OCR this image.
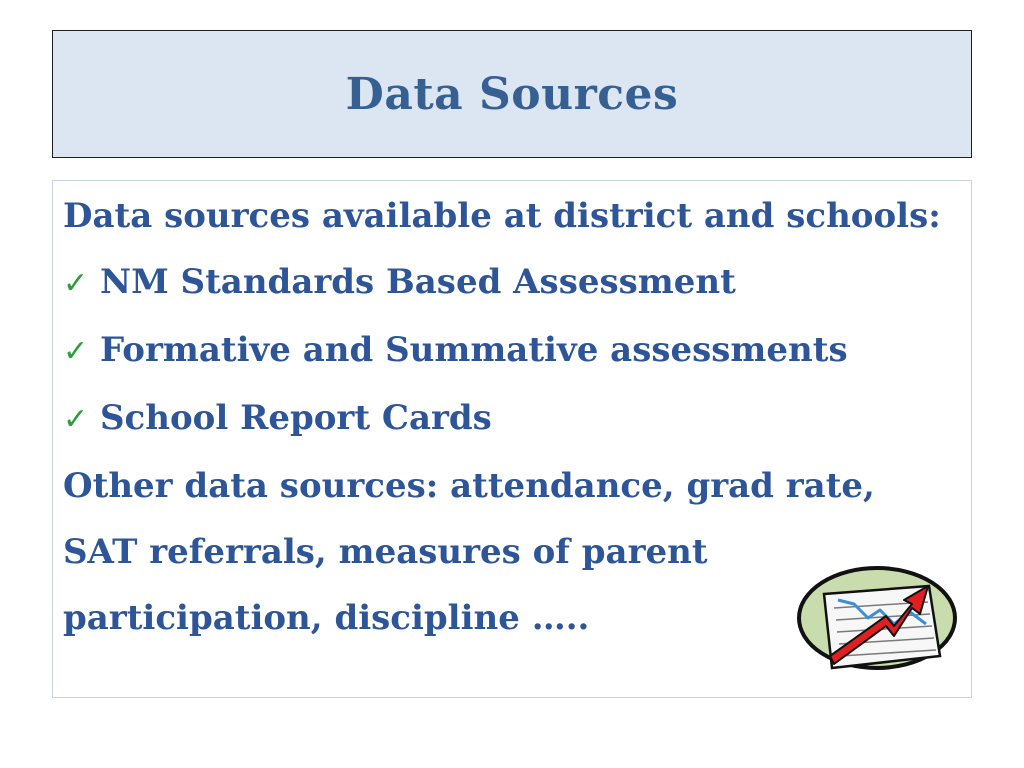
Data Sources

Data sources available at district and schools:

✓ NM Standards Based Assessment
✓ Formative and Summative assessments
✓ School Report Cards

Other data sources: attendance, grad rate,

SAT referrals, measures of parent

participation, discipline …..
